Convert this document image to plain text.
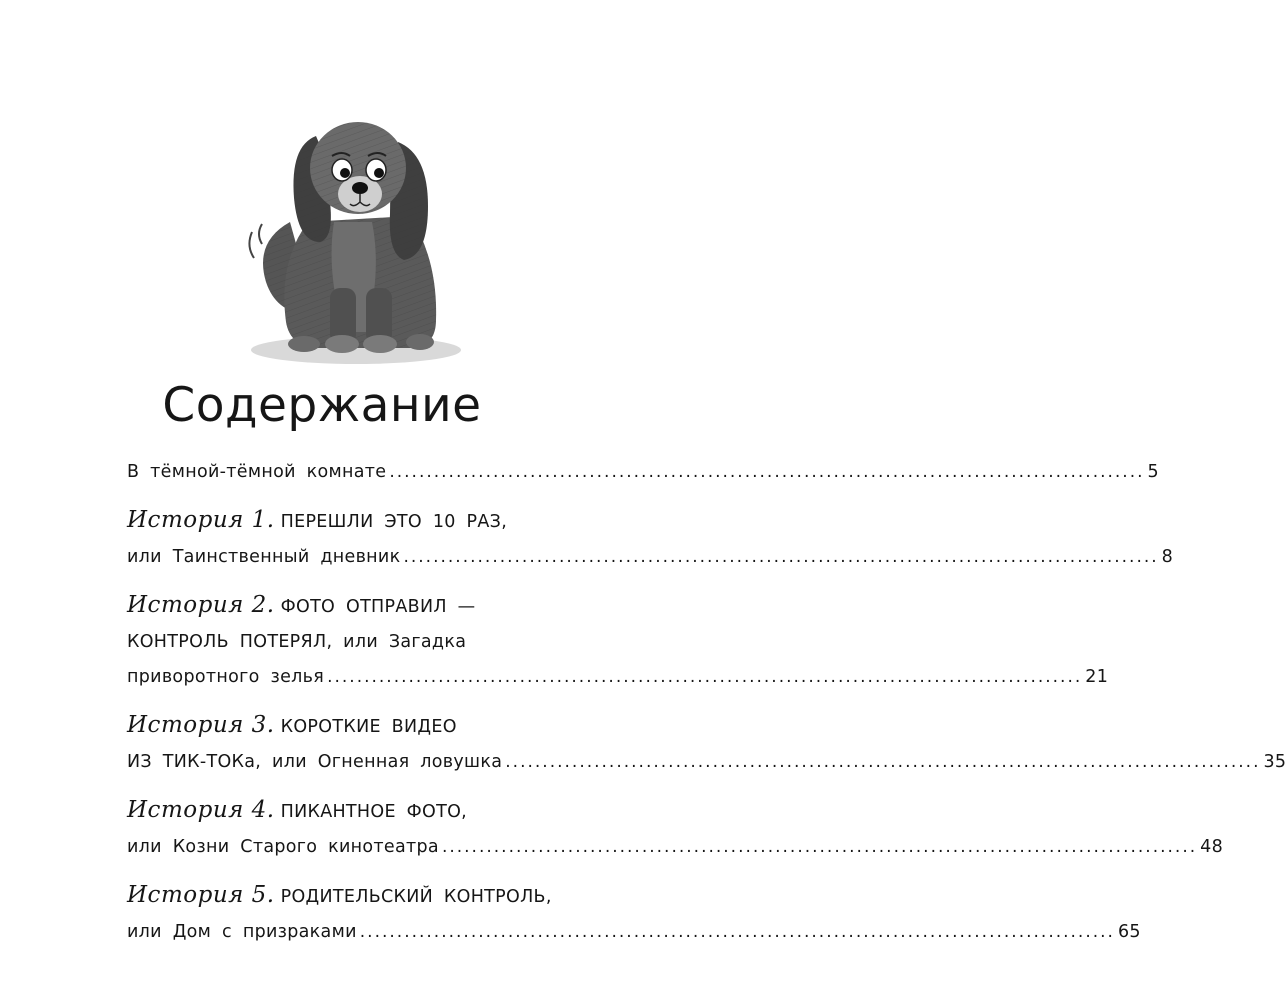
Содержание
В тёмной-тёмной комнате ...................................................................................................... 5
История 1. ПЕРЕШЛИ ЭТО 10 РАЗ,
или Таинственный дневник ...................................................................................................... 8
История 2. ФОТО ОТПРАВИЛ —
КОНТРОЛЬ ПОТЕРЯЛ, или Загадка
приворотного зелья ...................................................................................................... 21
История 3. КОРОТКИЕ ВИДЕО
ИЗ ТИК-ТОКа, или Огненная ловушка ...................................................................................................... 35
История 4. ПИКАНТНОЕ ФОТО,
или Козни Старого кинотеатра ...................................................................................................... 48
История 5. РОДИТЕЛЬСКИЙ КОНТРОЛЬ,
или Дом с призраками ...................................................................................................... 65
